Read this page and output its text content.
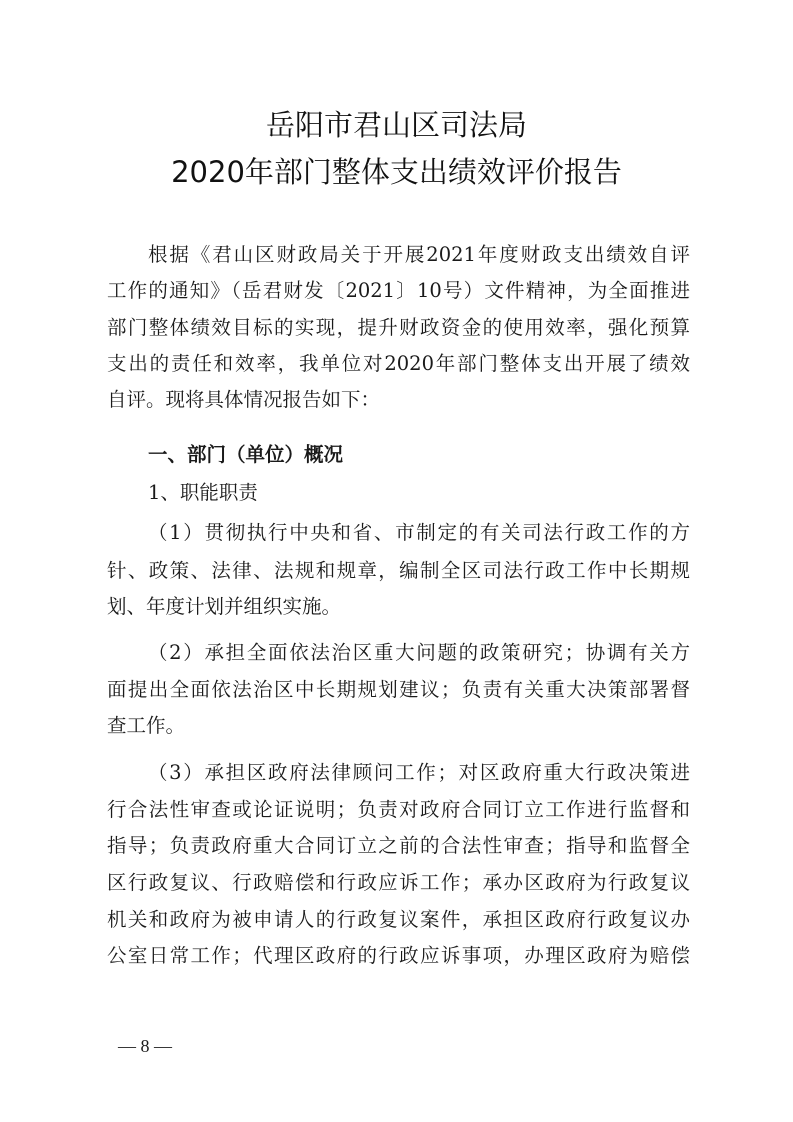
岳阳市君山区司法局
2020年部门整体支出绩效评价报告
根据《君山区财政局关于开展2021年度财政支出绩效自评
工作的通知》（岳君财发〔2021〕10号）文件精神，为全面推进
部门整体绩效目标的实现，提升财政资金的使用效率，强化预算
支出的责任和效率，我单位对2020年部门整体支出开展了绩效
自评。现将具体情况报告如下：
一、部门（单位）概况
1、职能职责
（1）贯彻执行中央和省、市制定的有关司法行政工作的方
针、政策、法律、法规和规章，编制全区司法行政工作中长期规
划、年度计划并组织实施。
（2）承担全面依法治区重大问题的政策研究；协调有关方
面提出全面依法治区中长期规划建议；负责有关重大决策部署督
查工作。
（3）承担区政府法律顾问工作；对区政府重大行政决策进
行合法性审查或论证说明；负责对政府合同订立工作进行监督和
指导；负责政府重大合同订立之前的合法性审查；指导和监督全
区行政复议、行政赔偿和行政应诉工作；承办区政府为行政复议
机关和政府为被申请人的行政复议案件，承担区政府行政复议办
公室日常工作；代理区政府的行政应诉事项，办理区政府为赔偿
— 8 —
